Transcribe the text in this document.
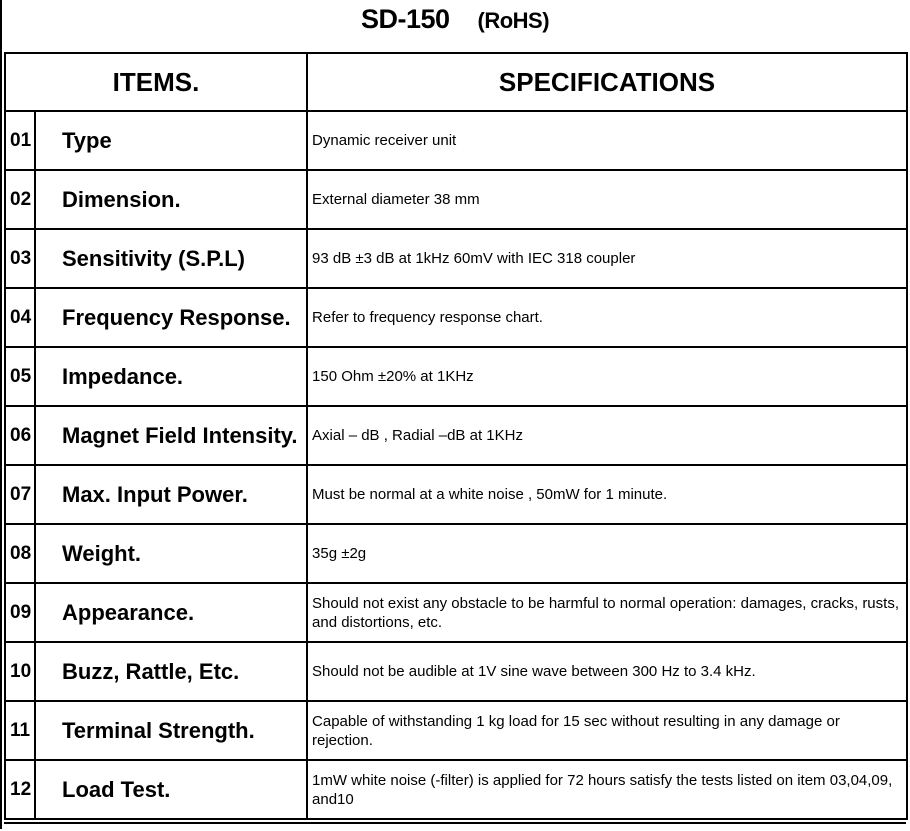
SD-150 (RoHS)
ITEMS.		SPECIFICATIONS
01	Type	Dynamic receiver unit
02	Dimension.	External diameter 38 mm
03	Sensitivity (S.P.L)	93 dB ±3 dB at 1kHz 60mV with IEC 318 coupler
04	Frequency Response.	Refer to frequency response chart.
05	Impedance.	150 Ohm ±20% at 1KHz
06	Magnet Field Intensity.	Axial – dB , Radial –dB at 1KHz
07	Max. Input Power.	Must be normal at a white noise , 50mW for 1 minute.
08	Weight.	35g ±2g
09	Appearance.	Should not exist any obstacle to be harmful to normal operation: damages, cracks, rusts, and distortions, etc.
10	Buzz, Rattle, Etc.	Should not be audible at 1V sine wave between 300 Hz to 3.4 kHz.
11	Terminal Strength.	Capable of withstanding 1 kg load for 15 sec without resulting in any damage or rejection.
12	Load Test.	1mW white noise (-filter) is applied for 72 hours satisfy the tests listed on item 03,04,09, and10
